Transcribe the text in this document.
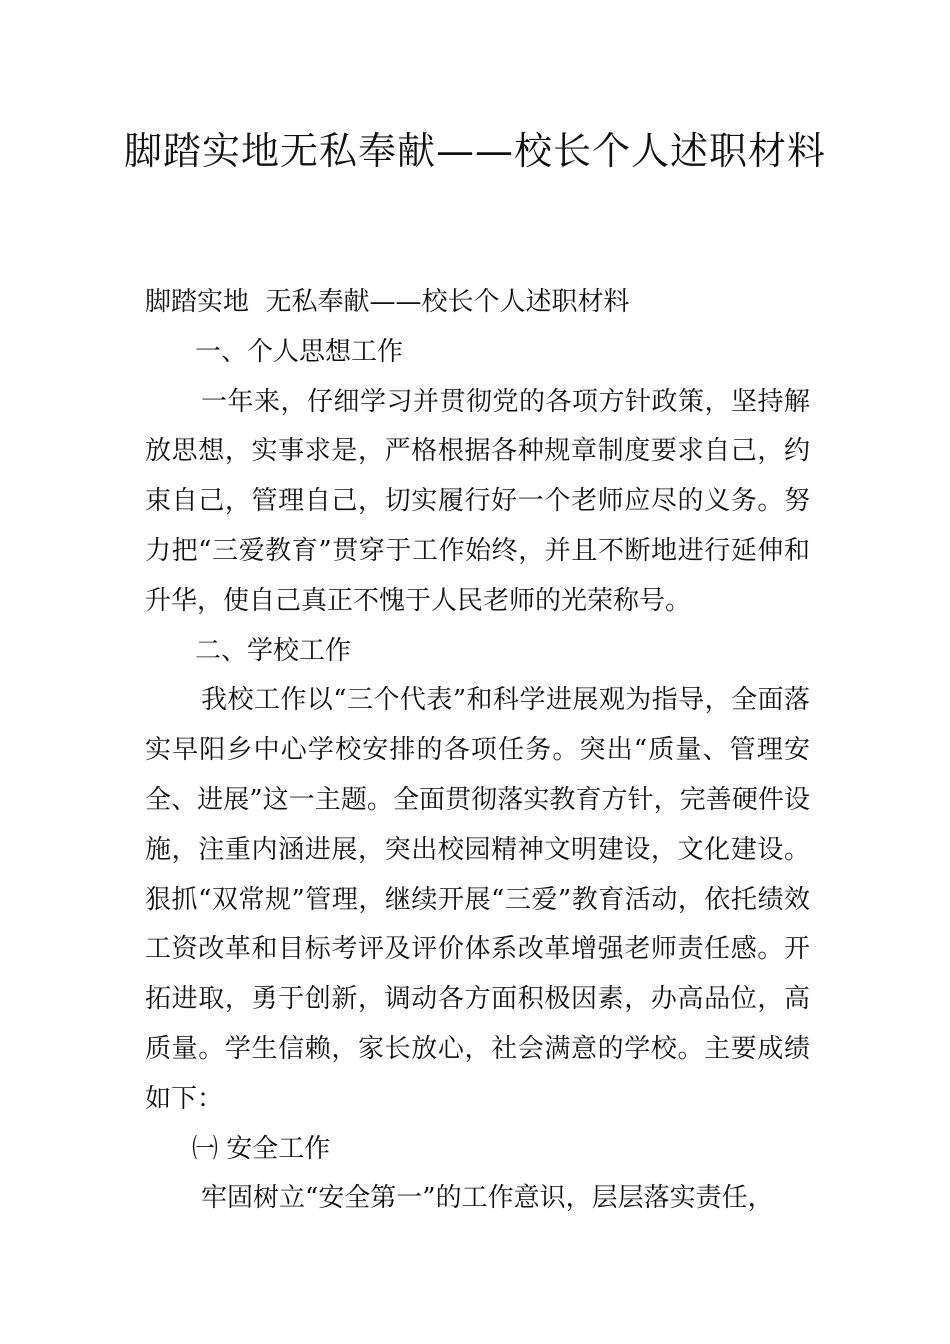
脚踏实地无私奉献——校长个人述职材料

脚踏实地  无私奉献——校长个人述职材料

一、个人思想工作

一年来，仔细学习并贯彻党的各项方针政策，坚持解放思想，实事求是，严格根据各种规章制度要求自己，约束自己，管理自己，切实履行好一个老师应尽的义务。努力把“三爱教育”贯穿于工作始终，并且不断地进行延伸和升华，使自己真正不愧于人民老师的光荣称号。

二、学校工作

我校工作以“三个代表”和科学进展观为指导，全面落实早阳乡中心学校安排的各项任务。突出“质量、管理安全、进展”这一主题。全面贯彻落实教育方针，完善硬件设施，注重内涵进展，突出校园精神文明建设，文化建设。狠抓“双常规”管理，继续开展“三爱”教育活动，依托绩效工资改革和目标考评及评价体系改革增强老师责任感。开拓进取，勇于创新，调动各方面积极因素，办高品位，高质量。学生信赖，家长放心，社会满意的学校。主要成绩如下：

㈠ 安全工作

牢固树立“安全第一”的工作意识，层层落实责任，
